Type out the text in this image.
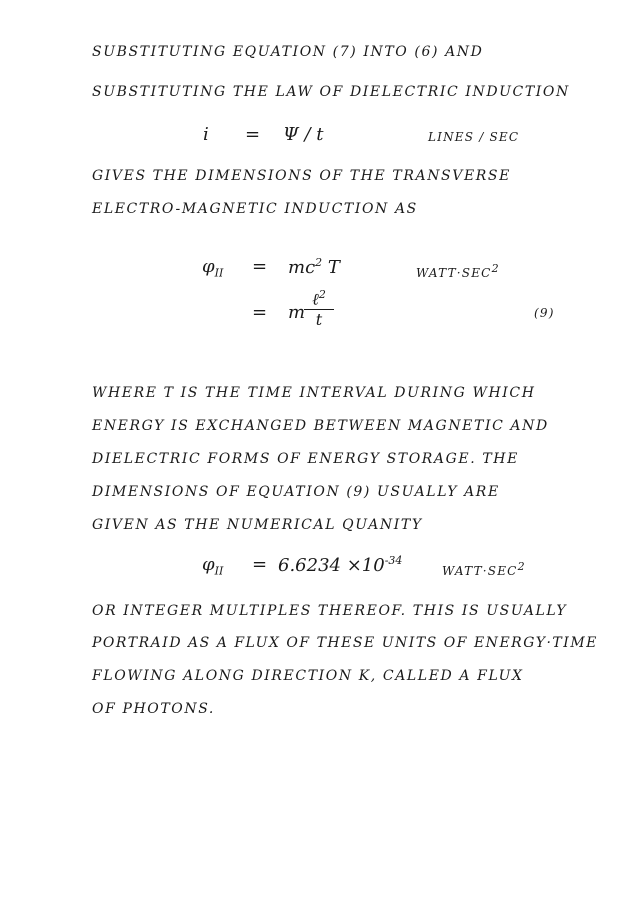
SUBSTITUTING EQUATION (7) INTO (6) AND
SUBSTITUTING THE LAW OF DIELECTRIC INDUCTION
i = Ψ / t	LINES / SEC
GIVES THE DIMENSIONS OF THE TRANSVERSE
ELECTRO-MAGNETIC INDUCTION AS
$\varphi_{II} = mc^2$ T	$WATT\cdot SEC^2$
= m
ℓ$^2$
t	(9)
WHERE T IS THE TIME INTERVAL DURING WHICH
ENERGY IS EXCHANGED BETWEEN MAGNETIC AND
DIELECTRIC FORMS OF ENERGY STORAGE. THE
DIMENSIONS OF EQUATION (9) USUALLY ARE
GIVEN AS THE NUMERICAL QUANITY
$\varphi_{II} = 6.6234 \times 10^{-34}$
$WATT\cdot SEC^2$
OR INTEGER MULTIPLES THEREOF. THIS IS USUALLY
PORTRAID AS A FLUX OF THESE UNITS OF ENERGY·TIME
FLOWING ALONG DIRECTION K, CALLED A FLUX
OF PHOTONS.
